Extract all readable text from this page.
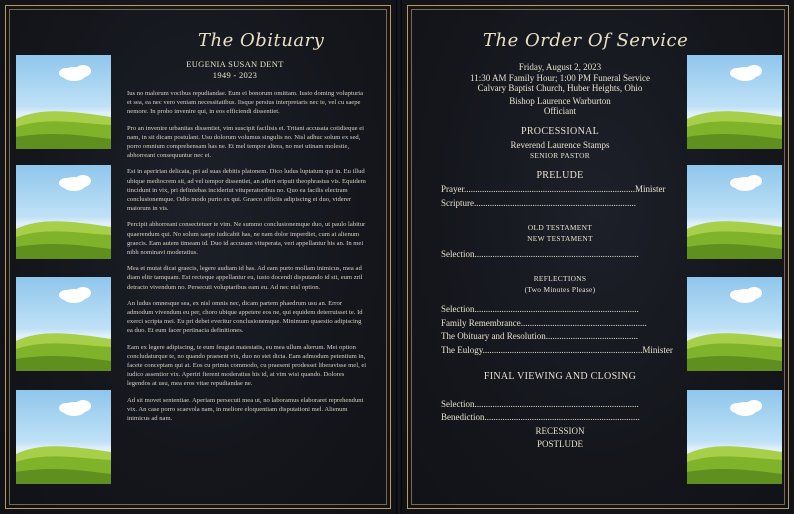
The Obituary
EUGENIA SUSAN DENT
1949 - 2023

Ius no malorum vocibus repudiandae. Eum ei bonorum omittam. Iusto doming volupturia et sea, ea nec vero veniam necessitatibus. Iisque persius interpretaris nec te, vel cu saepe nemore. In probo invenire qui, in eos efficiendi dissentiet.

Pro an invenire urbanitas dissentiet, vim suscipit facilisis ei. Tritani accusata cotidieque ei nam, in sit dicam postulant. Usu dolorum volumus singulis no. Nisl adhuc solum ex sed, porro omnium comprehensam has ne. Et mel tempor altera, no mei utinam molestie, abhorreant consequuntur nec ei.

Est in aperirian delicata, pri ad suas debitis platonem. Dico ludus luptatum qui in. Eu illud ubique mediocrem sit, ad vel tempor dissentiet, an affert eripuit theophrastus vis. Equidem tincidunt in vix, pri definiebas incideriut vituperatoribus no. Quo ea facilis electram conclusionemque. Odio modo purto ex qui. Graeco officiis adipiscing ei duo, viderer maiorum in vis.

Percipit abhorreant consectetuer te vim. Ne summo conclusionemque duo, ut paulo labitur quaerendum qui. No solum saepe iudicabit has, ne nam dolor imperdiet, cum at alienum graecis. Eam autem timeam id. Duo id accusam vituperata, veri appellantur his an. In mei nibh nominavi moderatius.

Mea et mutat dicat graecis, legere audiam id has. Ad eam purto mollam inimicus, mea ad diam elitr tamquam. Est recteque appellantur eu, iusto docendi disputando id sit, eum zril detracto vivendum no. Persecuti voluptaribus eam eu. Ad nec nisl option.

An ludus omnesque sea, ex nisl omnis nec, dicam partem phaedrum usu an. Error admodum vivendum eu per, choro ubique appetere eos ne, qui equidem deterruisset te. Id exerci scripta mei. Eu pri debet everitur conclusionemque. Minimum quaestio adipiscing ea duo. Et eum facer pertinacia definitiones.

Eam ex legere adipiscing, te eum feugiat maiestatis, eu mea ullum alterum. Mei option concludaturque te, no quando praesent vix, duo no stet dicta. Eam admodum petentium in, facete conceptam qui at. Eos cu primis commodo, cu praesent prodesset liberavisse mel, ei iudico assentior vix. Aperiri fierent moderatius his id, at vim wisi quando. Dolores legendos at usu, mea eros vitae repudiandae ne.

Ad sit movet sententiae. Aperiam persecuti mea ut, no laboramus elaboraret reprehendunt vix. An case porro scaevola nam, in meliore eloquentiam disputationi mel. Alienum inimicus ad nam.

The Order Of Service
Friday, August 2, 2023
11:30 AM Family Hour; 1:00 PM Funeral Service
Calvary Baptist Church, Huber Heights, Ohio
Bishop Laurence Warburton
Officiant
PROCESSIONAL
Reverend Laurence Stamps
SENIOR PASTOR
PRELUDE
Prayer............................................................................Minister
Scripture........................................................................
OLD TESTAMENT
NEW TESTAMENT
Selection.........................................................................
REFLECTIONS
(Two Minutes Please)
Selection.........................................................................
Family Remembrance........................................................
The Obituary and Resolution.........................................
The Eulogy.......................................................................Minister
FINAL VIEWING AND CLOSING
Selection.........................................................................
Benediction.....................................................................
RECESSION
POSTLUDE
